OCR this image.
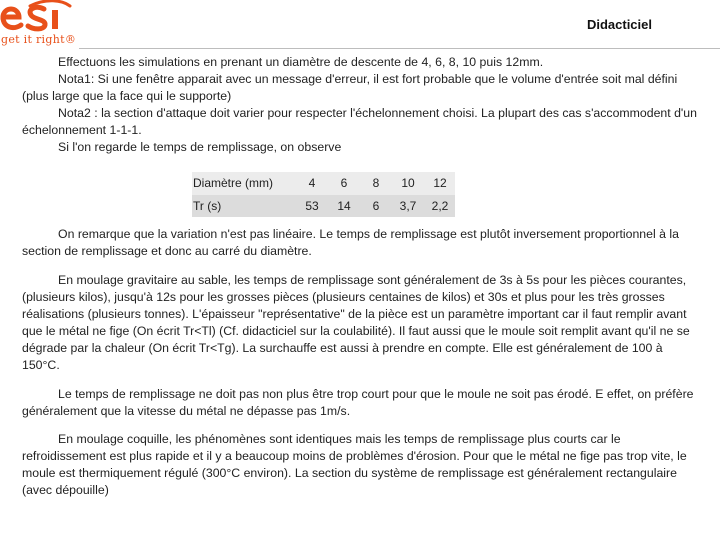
get it right®
Didacticiel

Effectuons les simulations en prenant un diamètre de descente de 4, 6, 8, 10 puis 12mm.

Nota1: Si une fenêtre apparait avec un message d'erreur, il est fort probable que le volume d'entrée soit mal défini (plus large que la face qui le supporte)

Nota2 : la section d'attaque doit varier pour respecter l'échelonnement choisi. La plupart des cas s'accommodent d'un échelonnement 1-1-1.

Si l'on regarde le temps de remplissage, on observe

Diamètre (mm)	4	6	8	10	12
Tr (s)	53	14	6	3,7	2,2

On remarque que la variation n'est pas linéaire. Le temps de remplissage est plutôt inversement proportionnel à la section de remplissage et donc au carré du diamètre.

En moulage gravitaire au sable, les temps de remplissage sont généralement de 3s à 5s pour les pièces courantes, (plusieurs kilos), jusqu'à 12s pour les grosses pièces (plusieurs centaines de kilos) et 30s et plus pour les très grosses réalisations (plusieurs tonnes). L'épaisseur "représentative" de la pièce est un paramètre important car il faut remplir avant que le métal ne fige (On écrit Tr<Tl) (Cf. didacticiel sur la coulabilité). Il faut aussi que le moule soit remplit avant qu'il ne se dégrade par la chaleur (On écrit Tr<Tg). La surchauffe est aussi à prendre en compte. Elle est généralement de 100 à 150°C.

Le temps de remplissage ne doit pas non plus être trop court pour que le moule ne soit pas érodé. E effet, on préfère généralement que la vitesse du métal ne dépasse pas 1m/s.

En moulage coquille, les phénomènes sont identiques mais les temps de remplissage plus courts car le refroidissement est plus rapide et il y a beaucoup moins de problèmes d'érosion. Pour que le métal ne fige pas trop vite, le moule est thermiquement régulé (300°C environ). La section du système de remplissage est généralement rectangulaire (avec dépouille)
